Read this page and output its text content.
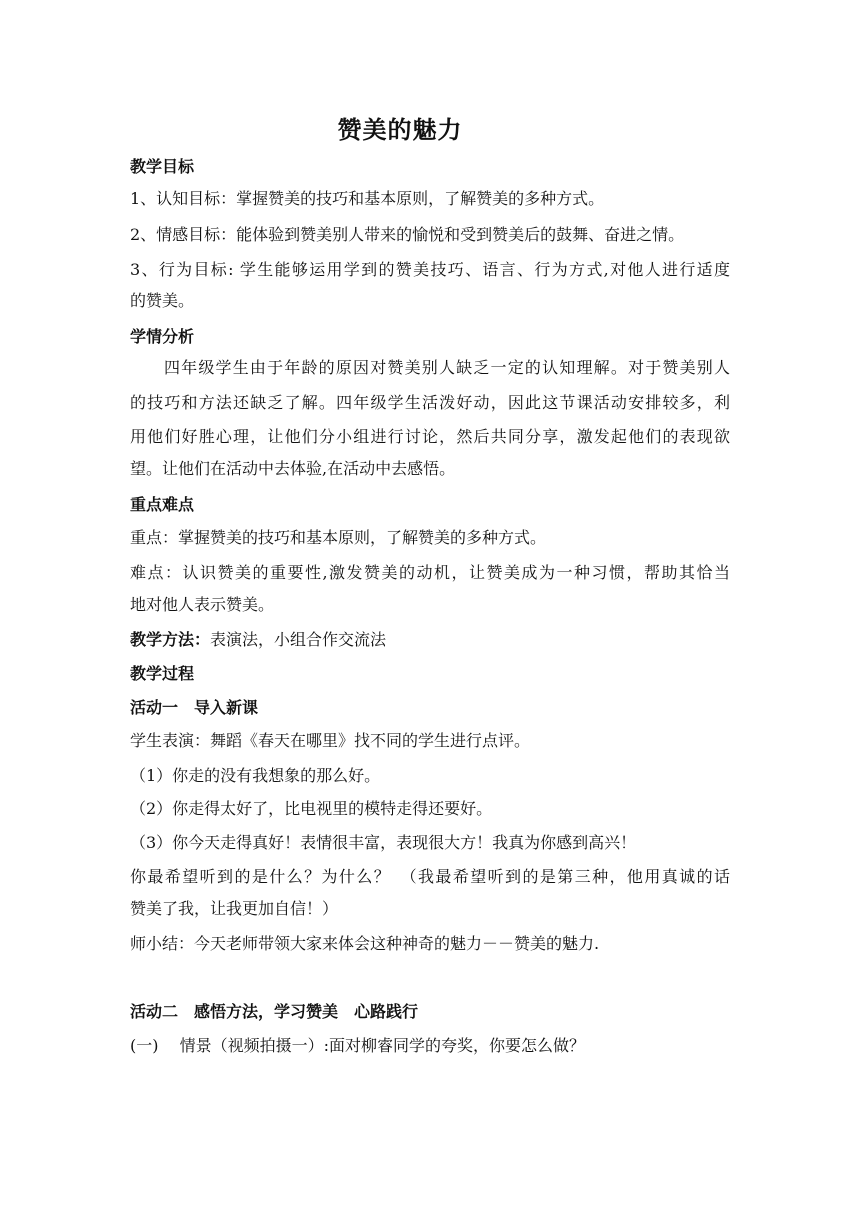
赞美的魅力
教学目标
1、认知目标：掌握赞美的技巧和基本原则，了解赞美的多种方式。
2、情感目标：能体验到赞美别人带来的愉悦和受到赞美后的鼓舞、奋进之情。
3、行为目标: 学生能够运用学到的赞美技巧、语言、行为方式,对他人进行适度
的赞美。
学情分析
四年级学生由于年龄的原因对赞美别人缺乏一定的认知理解。对于赞美别人
的技巧和方法还缺乏了解。四年级学生活泼好动，因此这节课活动安排较多，利
用他们好胜心理，让他们分小组进行讨论，然后共同分享，激发起他们的表现欲
望。让他们在活动中去体验,在活动中去感悟。
重点难点
重点：掌握赞美的技巧和基本原则，了解赞美的多种方式。
难点：认识赞美的重要性,激发赞美的动机，让赞美成为一种习惯，帮助其恰当
地对他人表示赞美。
教学方法：表演法，小组合作交流法
教学过程
活动一　导入新课
学生表演：舞蹈《春天在哪里》找不同的学生进行点评。
（1）你走的没有我想象的那么好。
（2）你走得太好了，比电视里的模特走得还要好。
（3）你今天走得真好！表情很丰富，表现很大方！我真为你感到高兴！
你最希望听到的是什么？为什么？　（我最希望听到的是第三种，他用真诚的话
赞美了我，让我更加自信！）
师小结：今天老师带领大家来体会这种神奇的魅力－－赞美的魅力.
活动二　感悟方法，学习赞美　心路践行
(一)　 情景（视频拍摄一）:面对柳睿同学的夸奖，你要怎么做？
